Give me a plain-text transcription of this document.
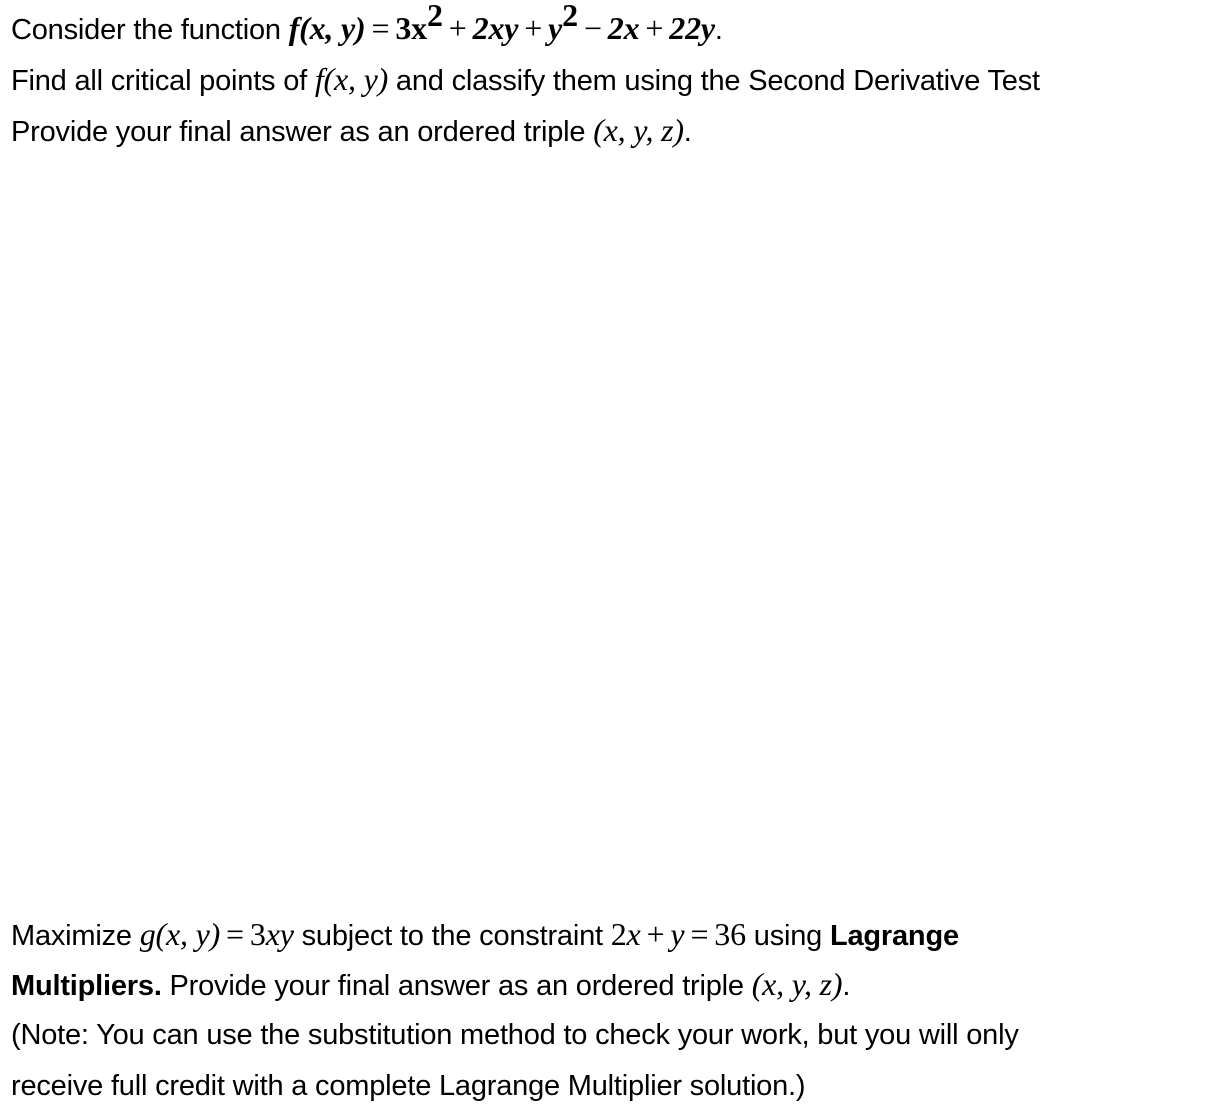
Consider the function f(x, $y) = 3x^2 + 2xy + y^2 - 2x + 22y$.
Find all critical points of f(x, y) and classify them using the Second Derivative Test
Provide your final answer as an ordered triple (x, y, z).
Maximize g(x, y) = 3xy subject to the constraint 2x + y = 36 using Lagrange
Multipliers. Provide your final answer as an ordered triple (x, y, z).
(Note: You can use the substitution method to check your work, but you will only
receive full credit with a complete Lagrange Multiplier solution.)
